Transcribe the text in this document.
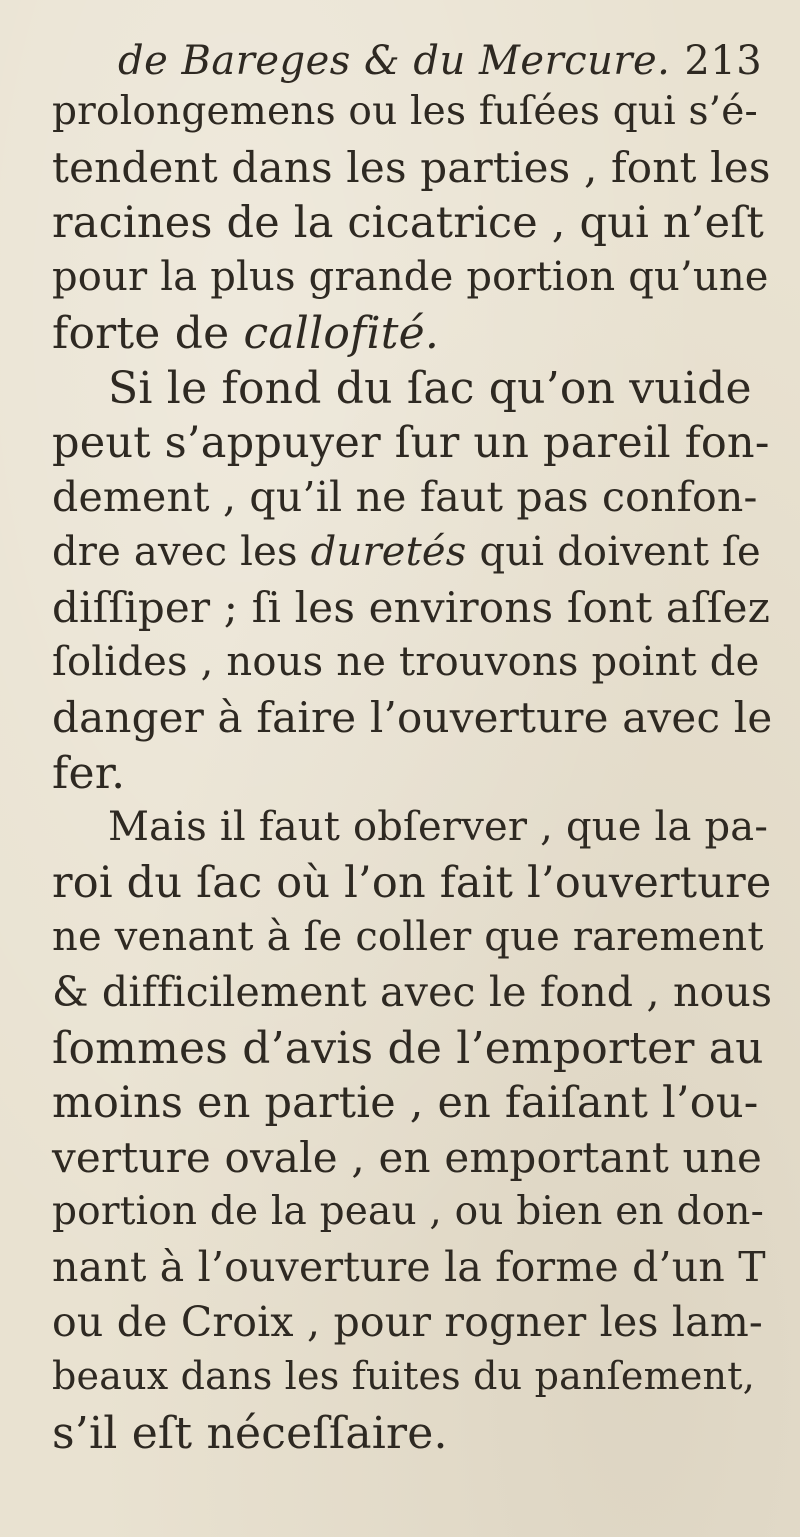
de Bareges & du Mercure. 213
prolongemens ou les fuſées qui s’é-
tendent dans les parties , font les
racines de la cicatrice , qui n’eſt
pour la plus grande portion qu’une
forte de callofité.
Si le fond du ſac qu’on vuide
peut s’appuyer ſur un pareil fon-
dement , qu’il ne faut pas confon-
dre avec les duretés qui doivent ſe
diſſiper ; ſi les environs ſont aſſez
ſolides , nous ne trouvons point de
danger à faire l’ouverture avec le
fer.
Mais il faut obſerver , que la pa-
roi du ſac où l’on fait l’ouverture
ne venant à ſe coller que rarement
& difficilement avec le fond , nous
ſommes d’avis de l’emporter au
moins en partie , en faiſant l’ou-
verture ovale , en emportant une
portion de la peau , ou bien en don-
nant à l’ouverture la forme d’un T
ou de Croix , pour rogner les lam-
beaux dans les fuites du panſement,
s’il eſt néceſſaire.
